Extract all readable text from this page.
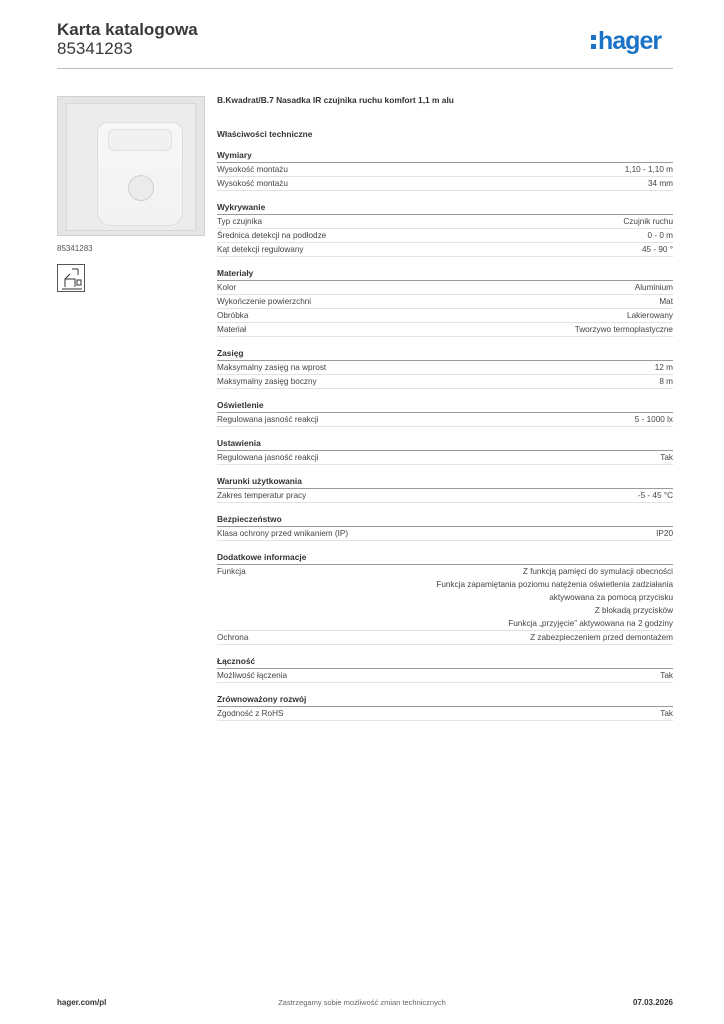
Karta katalogowa
85341283	hager
85341283
B.Kwadrat/B.7 Nasadka IR czujnika ruchu komfort 1,1 m alu
Właściwości techniczne
Wymiary
Wysokość montażu	1,10 - 1,10 m
Wysokość montażu	34 mm
Wykrywanie
Typ czujnika	Czujnik ruchu
Średnica detekcji na podłodze	0 - 0 m
Kąt detekcji regulowany	45 - 90 °
Materiały
Kolor	Aluminium
Wykończenie powierzchni	Mat
Obróbka	Lakierowany
Materiał	Tworzywo termoplastyczne
Zasięg
Maksymalny zasięg na wprost	12 m
Maksymalny zasięg boczny	8 m
Oświetlenie
Regulowana jasność reakcji	5 - 1000 lx
Ustawienia
Regulowana jasność reakcji	Tak
Warunki użytkowania
Zakres temperatur pracy	-5 - 45 °C
Bezpieczeństwo
Klasa ochrony przed wnikaniem (IP)	IP20
Dodatkowe informacje
Funkcja	Z funkcją pamięci do symulacji obecności
Funkcja zapamiętania poziomu natężenia oświetlenia zadziałania
aktywowana za pomocą przycisku
Z blokadą przycisków
Funkcja „przyjęcie” aktywowana na 2 godziny
Ochrona	Z zabezpieczeniem przed demontażem
Łączność
Możliwość łączenia	Tak
Zrównoważony rozwój
Zgodność z RoHS	Tak
hager.com/pl	Zastrzegamy sobie możliwość zmian technicznych	07.03.2026
